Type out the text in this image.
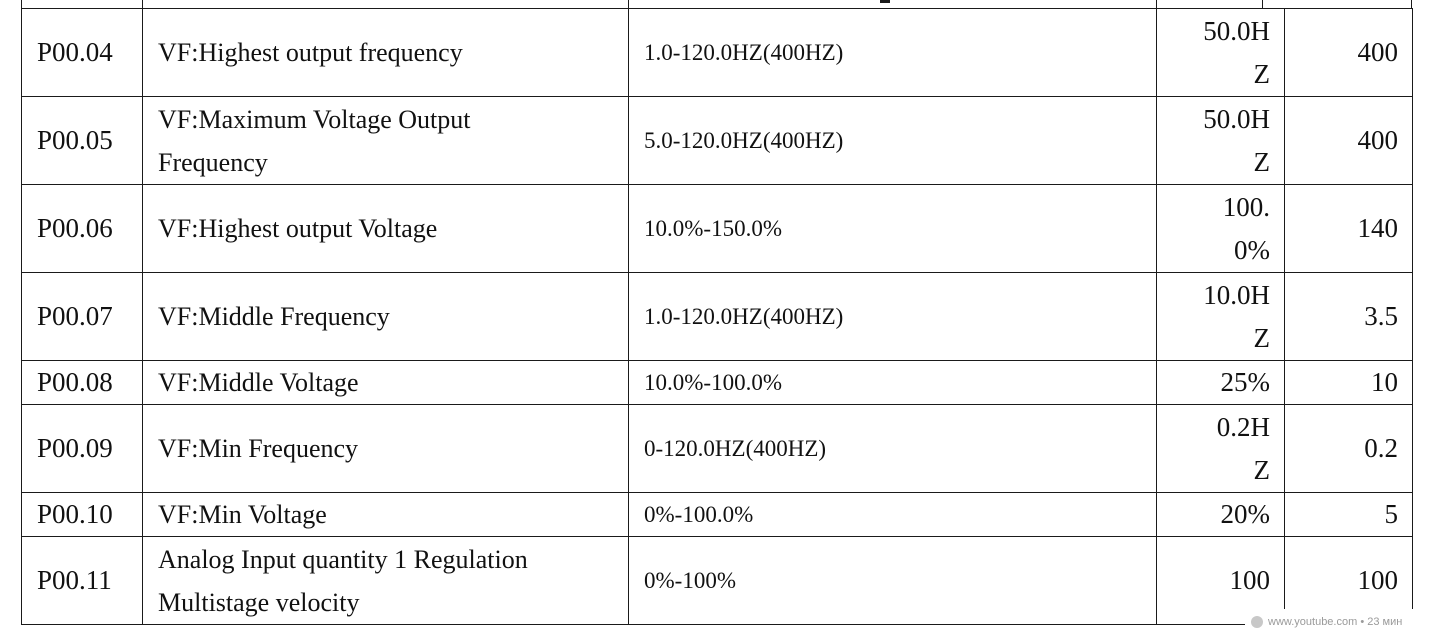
P00.04	VF:Highest output frequency	1.0-120.0HZ(400HZ)	50.0HZ	400
P00.05	VF:Maximum Voltage Output Frequency	5.0-120.0HZ(400HZ)	50.0HZ	400
P00.06	VF:Highest output Voltage	10.0%-150.0%	100.0%	140
P00.07	VF:Middle Frequency	1.0-120.0HZ(400HZ)	10.0HZ	3.5
P00.08	VF:Middle Voltage	10.0%-100.0%	25%	10
P00.09	VF:Min Frequency	0-120.0HZ(400HZ)	0.2HZ	0.2
P00.10	VF:Min Voltage	0%-100.0%	20%	5
P00.11	Analog Input quantity 1 Regulation Multistage velocity	0%-100%	100	100
www.youtube.com • 23 мин
